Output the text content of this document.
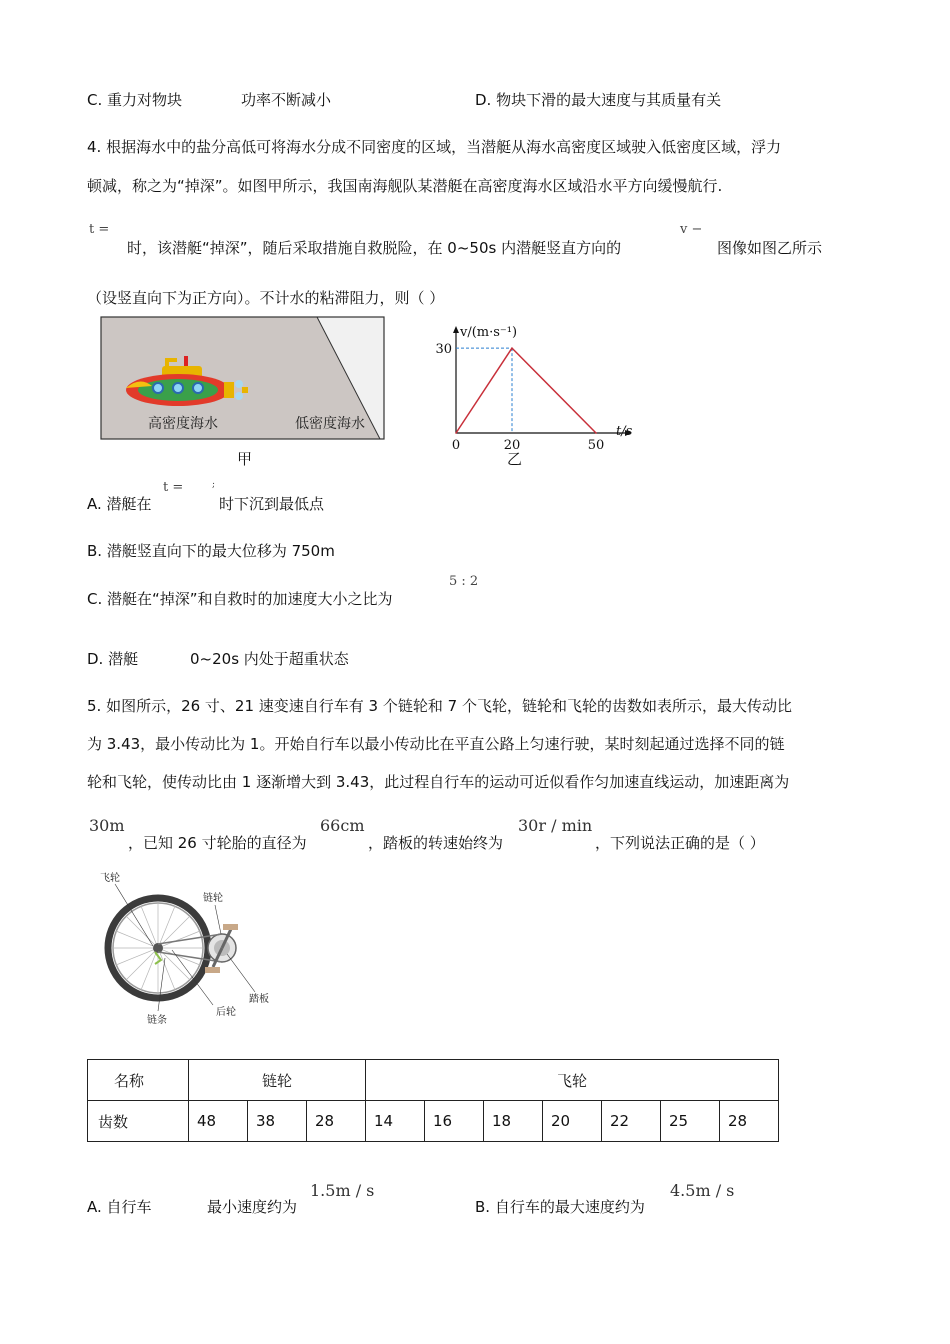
C. 重力对物块	功率不断减小	D. 物块下滑的最大速度与其质量有关
4. 根据海水中的盐分高低可将海水分成不同密度的区域，当潜艇从海水高密度区域驶入低密度区域，浮力
顿减，称之为“掉深”。如图甲所示，我国南海舰队某潜艇在高密度海水区域沿水平方向缓慢航行.
t =
时，该潜艇“掉深”，随后采取措施自救脱险，在 0~50s 内潜艇竖直方向的
v −
图像如图乙所示
（设竖直向下为正方向）。不计水的粘滞阻力，则（ ）
高密度海水	低密度海水
甲
0	20	50
30
v/(m·s⁻¹)
t/s
乙
A. 潜艇在
t =	;
时下沉到最低点
B. 潜艇竖直向下的最大位移为 750m
C. 潜艇在“掉深”和自救时的加速度大小之比为
5 : 2
D. 潜艇	0~20s 内处于超重状态
5. 如图所示，26 寸、21 速变速自行车有 3 个链轮和 7 个飞轮，链轮和飞轮的齿数如表所示，最大传动比
为 3.43，最小传动比为 1。开始自行车以最小传动比在平直公路上匀速行驶，某时刻起通过选择不同的链
轮和飞轮，使传动比由 1 逐渐增大到 3.43，此过程自行车的运动可近似看作匀加速直线运动，加速距离为
30m
，已知 26 寸轮胎的直径为
66cm
，踏板的转速始终为
30r / min
，下列说法正确的是（ ）
飞轮
链轮
踏板
后轮
链条
名称	链轮			飞轮						
齿数	48	38	28	14	16	18	20	22	25	28
A. 自行车	最小速度约为
1.5m / s
B. 自行车的最大速度约为
4.5m / s
